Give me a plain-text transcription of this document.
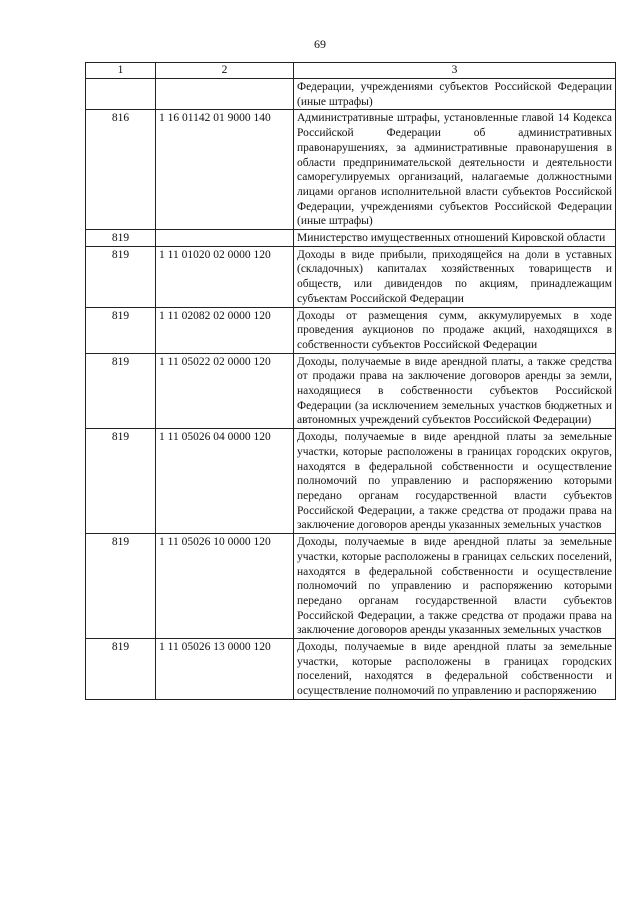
69
1	2	3
		Федерации, учреждениями субъектов Российской Федерации (иные штрафы)
816	1 16 01142 01 9000 140	Административные штрафы, установленные главой 14 Кодекса Российской Федерации об административных правонарушениях, за административные правонарушения в области предпринимательской деятельности и деятельности саморегулируемых организаций, налагаемые должностными лицами органов исполнительной власти субъектов Российской Федерации, учреждениями субъектов Российской Федерации (иные штрафы)
819		Министерство имущественных отношений Кировской области
819	1 11 01020 02 0000 120	Доходы в виде прибыли, приходящейся на доли в уставных (складочных) капиталах хозяйственных товариществ и обществ, или дивидендов по акциям, принадлежащим субъектам Российской Федерации
819	1 11 02082 02 0000 120	Доходы от размещения сумм, аккумулируемых в ходе проведения аукционов по продаже акций, находящихся в собственности субъектов Российской Федерации
819	1 11 05022 02 0000 120	Доходы, получаемые в виде арендной платы, а также средства от продажи права на заключение договоров аренды за земли, находящиеся в собственности субъектов Российской Федерации (за исключением земельных участков бюджетных и автономных учреждений субъектов Российской Федерации)
819	1 11 05026 04 0000 120	Доходы, получаемые в виде арендной платы за земельные участки, которые расположены в границах городских округов, находятся в федеральной собственности и осуществление полномочий по управлению и распоряжению которыми передано органам государственной власти субъектов Российской Федерации, а также средства от продажи права на заключение договоров аренды указанных земельных участков
819	1 11 05026 10 0000 120	Доходы, получаемые в виде арендной платы за земельные участки, которые расположены в границах сельских поселений, находятся в федеральной собственности и осуществление полномочий по управлению и распоряжению которыми передано органам государственной власти субъектов Российской Федерации, а также средства от продажи права на заключение договоров аренды указанных земельных участков
819	1 11 05026 13 0000 120	Доходы, получаемые в виде арендной платы за земельные участки, которые расположены в границах городских поселений, находятся в федеральной собственности и осуществление полномочий по управлению и распоряжению
